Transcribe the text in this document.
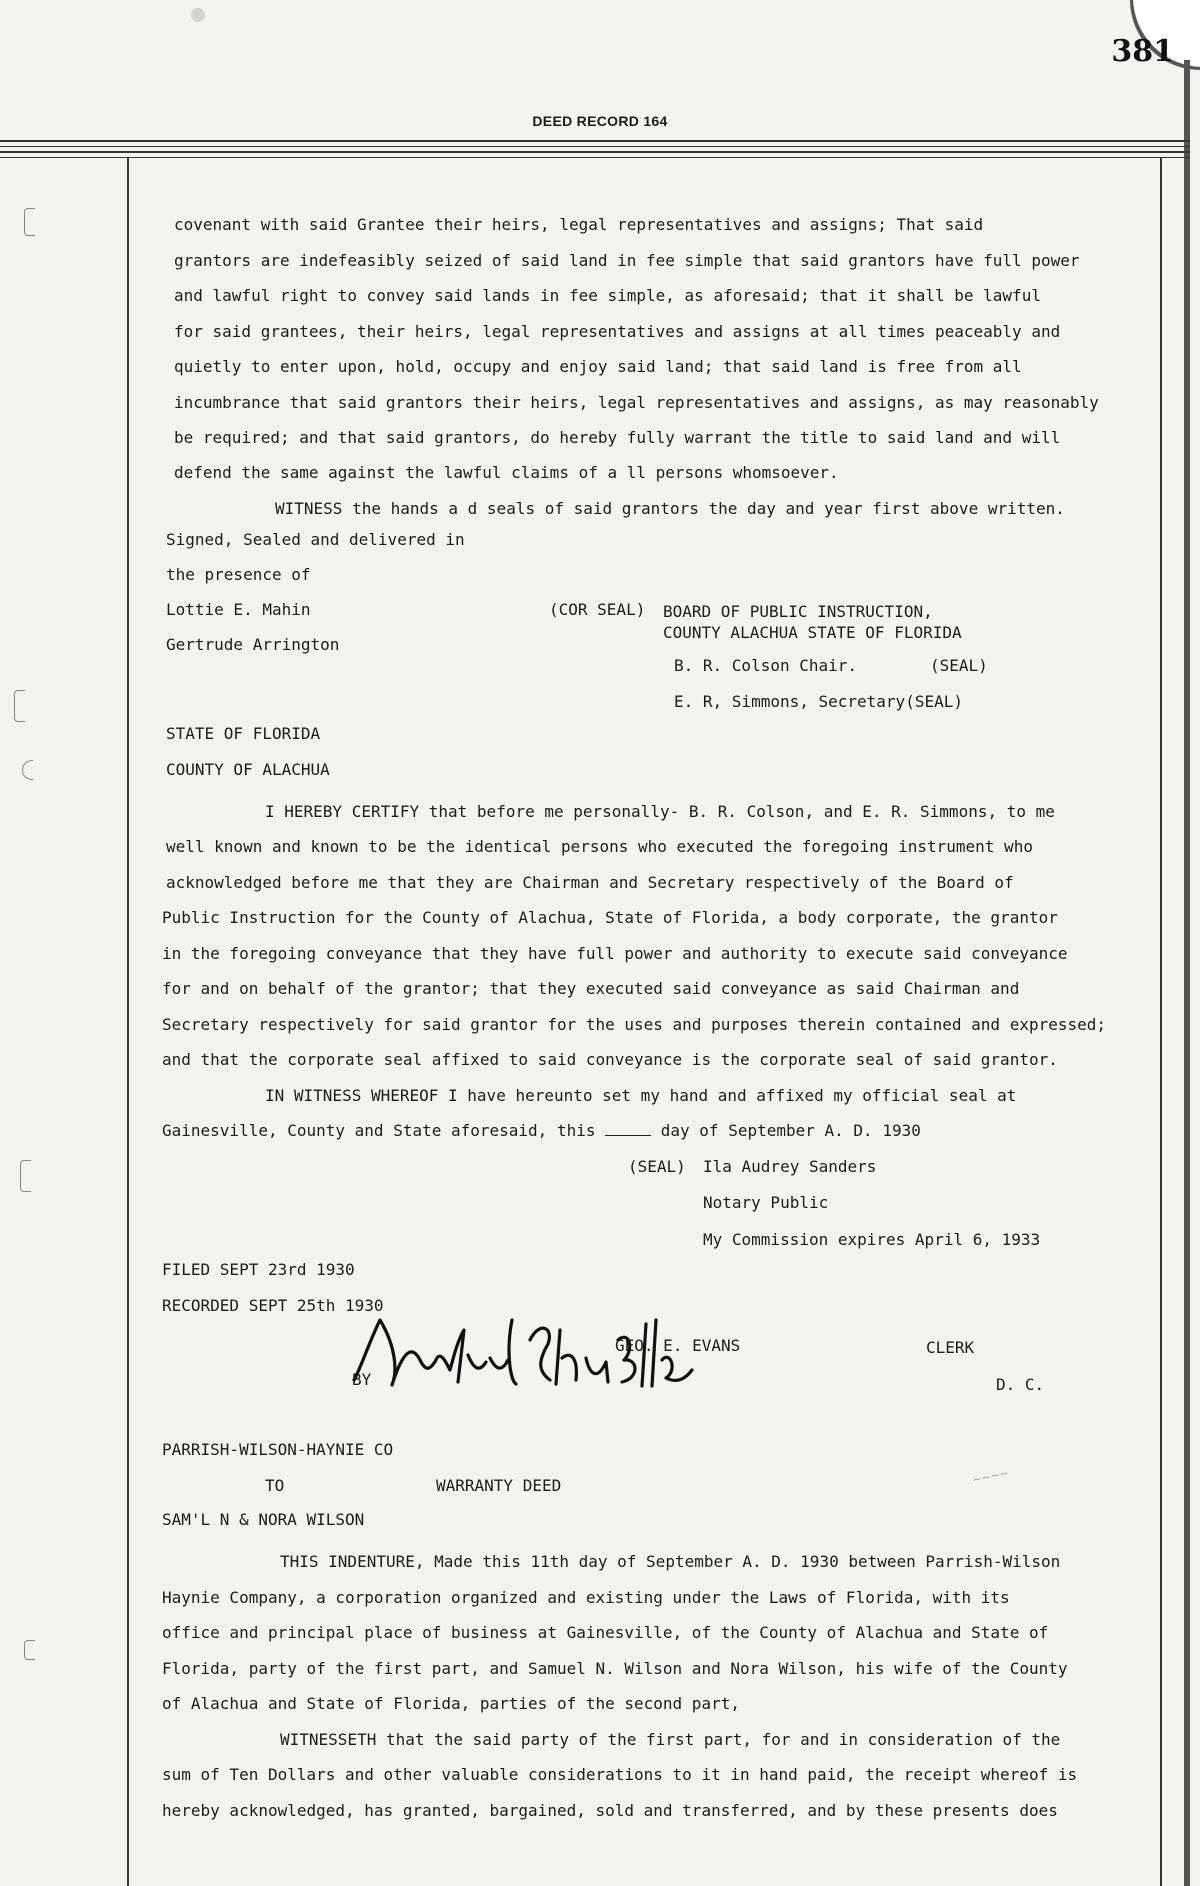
381
DEED RECORD 164
covenant with said Grantee their heirs, legal representatives and assigns; That said
grantors are indefeasibly seized of said land in fee simple that said grantors have full power
and lawful right to convey said lands in fee simple, as aforesaid; that it shall be lawful
for said grantees, their heirs, legal representatives and assigns at all times peaceably and
quietly to enter upon, hold, occupy and enjoy said land; that said land is free from all
incumbrance that said grantors their heirs, legal representatives and assigns, as may reasonably
be required; and that said grantors, do hereby fully warrant the title to said land and will
defend the same against the lawful claims of a ll persons whomsoever.
WITNESS the hands a d seals of said grantors the day and year first above written.
Signed, Sealed and delivered in
the presence of
Lottie E. Mahin
Gertrude Arrington
(COR SEAL) BOARD OF PUBLIC INSTRUCTION,
COUNTY ALACHUA STATE OF FLORIDA
B. R. Colson Chair.	(SEAL)
E. R, Simmons, Secretary(SEAL)
STATE OF FLORIDA
COUNTY OF ALACHUA
I HEREBY CERTIFY that before me personally- B. R. Colson, and E. R. Simmons, to me
well known and known to be the identical persons who executed the foregoing instrument who
acknowledged before me that they are Chairman and Secretary respectively of the Board of
Public Instruction for the County of Alachua, State of Florida, a body corporate, the grantor
in the foregoing conveyance that they have full power and authority to execute said conveyance
for and on behalf of the grantor; that they executed said conveyance as said Chairman and
Secretary respectively for said grantor for the uses and purposes therein contained and expressed;
and that the corporate seal affixed to said conveyance is the corporate seal of said grantor.
IN WITNESS WHEREOF I have hereunto set my hand and affixed my official seal at
Gainesville, County and State aforesaid, this	day of September A. D. 1930
(SEAL) Ila Audrey Sanders
Notary Public
My Commission expires April 6, 1933
FILED SEPT 23rd 1930
RECORDED SEPT 25th 1930
GEO. E. EVANS	CLERK
BY	D. C.
~~~~
PARRISH-WILSON-HAYNIE CO
TO	WARRANTY DEED
SAM'L N & NORA WILSON
THIS INDENTURE, Made this 11th day of September A. D. 1930 between Parrish-Wilson
Haynie Company, a corporation organized and existing under the Laws of Florida, with its
office and principal place of business at Gainesville, of the County of Alachua and State of
Florida, party of the first part, and Samuel N. Wilson and Nora Wilson, his wife of the County
of Alachua and State of Florida, parties of the second part,
WITNESSETH that the said party of the first part, for and in consideration of the
sum of Ten Dollars and other valuable considerations to it in hand paid, the receipt whereof is
hereby acknowledged, has granted, bargained, sold and transferred, and by these presents does
